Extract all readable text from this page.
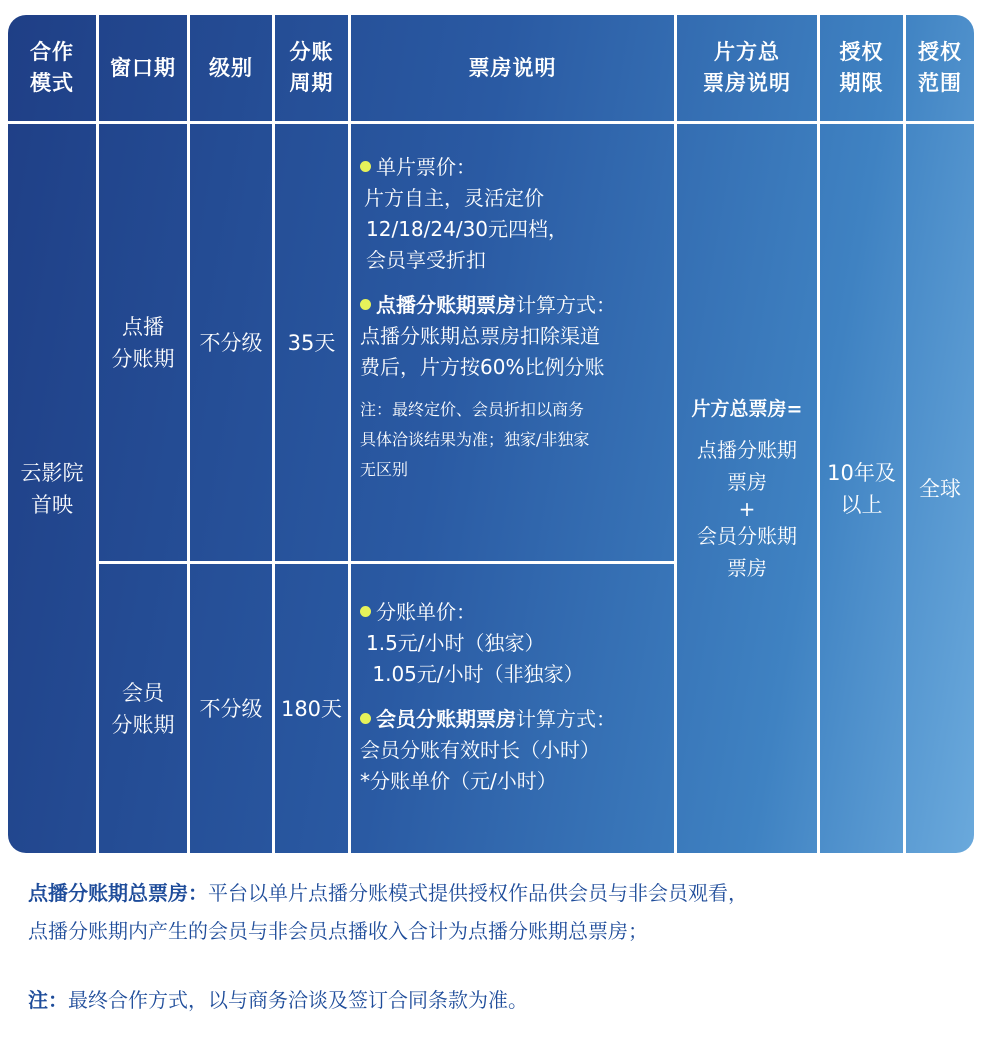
合作
模式
窗口期	级别
分账
周期
票房说明
片方总
票房说明
授权
期限
授权
范围
云影院
首映
点播
分账期
不分级	35天

单片票价：

片方自主，灵活定价

12/18/24/30元四档，

会员享受折扣

点播分账期票房计算方式：

点播分账期总票房扣除渠道

费后，片方按60%比例分账

注：最终定价、会员折扣以商务

具体洽谈结果为准；独家/非独家

无区别

会员
分账期
不分级 180天

分账单价：

1.5元/小时（独家）

1.05元/小时（非独家）

会员分账期票房计算方式：

会员分账有效时长（小时）

*分账单价（元/小时）

片方总票房=
点播分账期
票房
+
会员分账期
票房
10年及
以上
全球
点播分账期总票房：平台以单片点播分账模式提供授权作品供会员与非会员观看，
点播分账期内产生的会员与非会员点播收入合计为点播分账期总票房；
注：最终合作方式，以与商务洽谈及签订合同条款为准。
